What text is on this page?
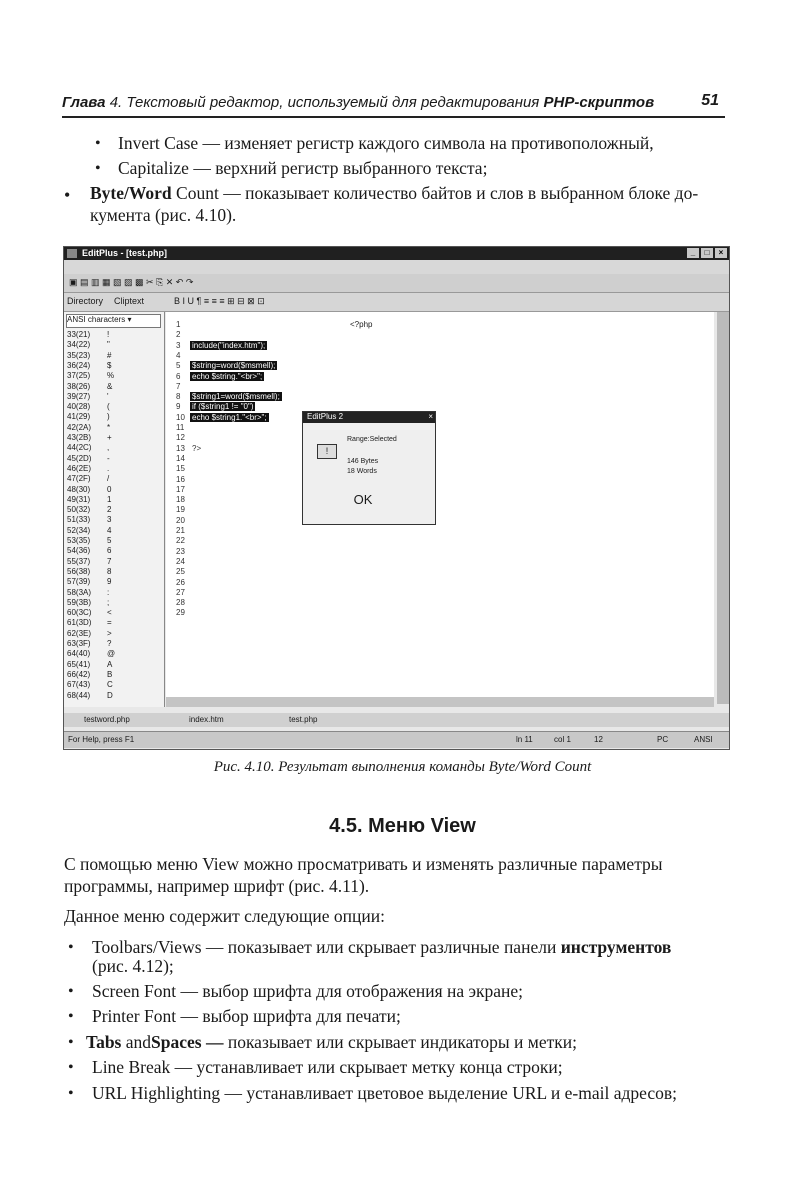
Глава 4. Текстовый редактор, используемый для редактирования PHP-скриптов	51
• Invert Case — изменяет регистр каждого символа на противоположный,
• Capitalize — верхний регистр выбранного текста;
• Byte/Word Count — показывает количество байтов и слов в выбранном блоке до-
кумента (рис. 4.10).
EditPlus - [test.php]	_	□	×
▣ ▤ ▥ ▦ ▧ ▨ ▩ ✂ ⎘ ✕ ↶ ↷
Directory Cliptext	B I U ¶ ≡ ≡ ≡ ⊞ ⊟ ⊠ ⊡
ANSI characters ▾
33(21) !
34(22) "
35(23) #
36(24) $
37(25) %
38(26) &
39(27) '
40(28) (
41(29) )
42(2A) *
43(2B) +
44(2C) ,
45(2D) -
46(2E) .
47(2F) /
48(30) 0
49(31) 1
50(32) 2
51(33) 3
52(34) 4
53(35) 5
54(36) 6
55(37) 7
56(38) 8
57(39) 9
58(3A) :
59(3B) ;
60(3C) <
61(3D) =
62(3E) >
63(3F) ?
64(40) @
65(41) A
66(42) B
67(43) C
68(44) D
<?php
1
2
4
7
11
12
13 ?>
14
15
16
17
18
19
20
21
22
23
24
25
26
27
28
29
3 include("index.htm");
5 $string=word($msmell);
6 echo $string."<br>";
8 $string1=word($msmell);
9 if ($string1 != "0")
10 echo $string1."<br>";	EditPlus 2	×
!
Range:Selected
146 Bytes
18 Words
OK
testword.php	index.htm	test.php
For Help, press F1	ln 11	col 1	12	PC	ANSI
Рис. 4.10. Результат выполнения команды Byte/Word Count
4.5. Меню View
С помощью меню View можно просматривать и изменять различные параметры
программы, например шрифт (рис. 4.11).
Данное меню содержит следующие опции:
• Toolbars/Views — показывает или скрывает различные панели инструментов
(рис. 4.12);
• Screen Font — выбор шрифта для отображения на экране;
• Printer Font — выбор шрифта для печати;
• Tabs andSpaces — показывает или скрывает индикаторы и метки;
• Line Break — устанавливает или скрывает метку конца строки;
• URL Highlighting — устанавливает цветовое выделение URL и e-mail адресов;
